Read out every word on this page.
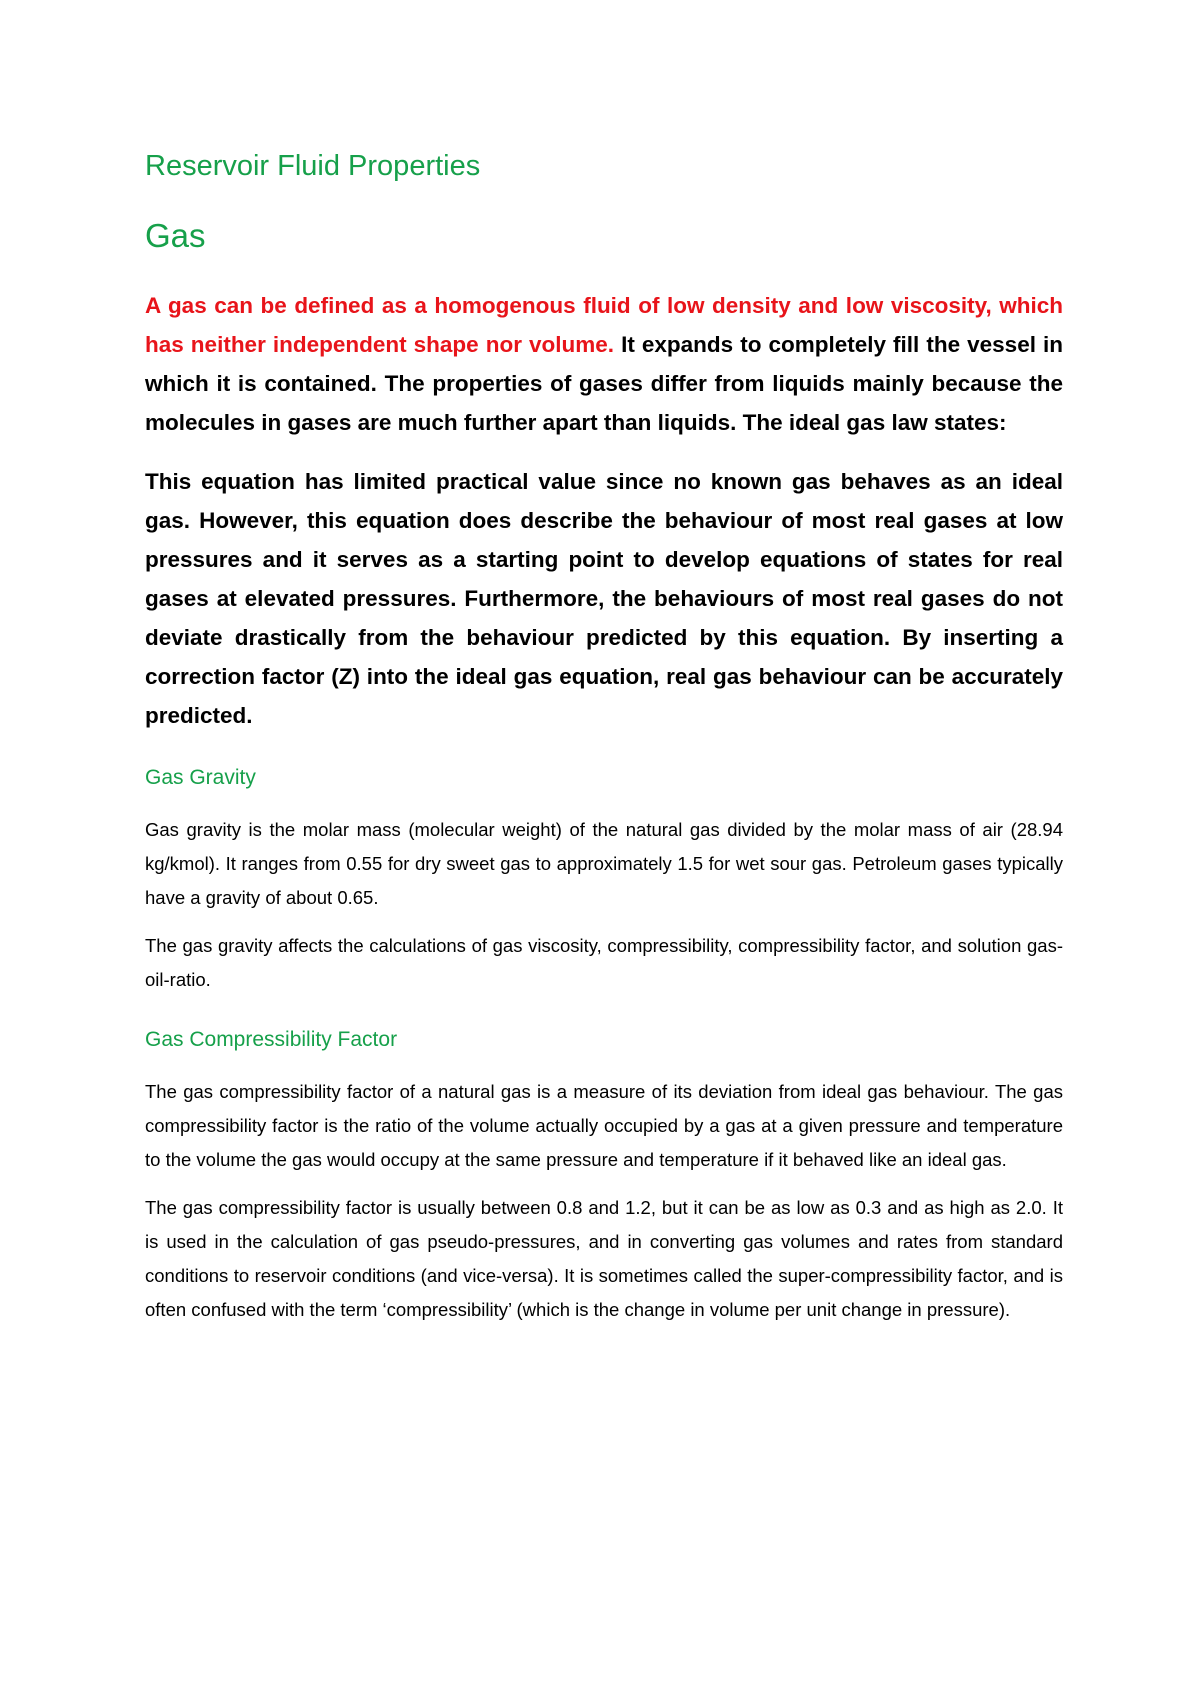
Reservoir Fluid Properties
Gas

A gas can be defined as a homogenous fluid of low density and low viscosity, which has neither independent shape nor volume. It expands to completely fill the vessel in which it is contained. The properties of gases differ from liquids mainly because the molecules in gases are much further apart than liquids. The ideal gas law states:

This equation has limited practical value since no known gas behaves as an ideal gas. However, this equation does describe the behaviour of most real gases at low pressures and it serves as a starting point to develop equations of states for real gases at elevated pressures. Furthermore, the behaviours of most real gases do not deviate drastically from the behaviour predicted by this equation. By inserting a correction factor (Z) into the ideal gas equation, real gas behaviour can be accurately predicted.

Gas Gravity

Gas gravity is the molar mass (molecular weight) of the natural gas divided by the molar mass of air (28.94 kg/kmol). It ranges from 0.55 for dry sweet gas to approximately 1.5 for wet sour gas. Petroleum gases typically have a gravity of about 0.65.

The gas gravity affects the calculations of gas viscosity, compressibility, compressibility factor, and solution gas-oil-ratio.

Gas Compressibility Factor

The gas compressibility factor of a natural gas is a measure of its deviation from ideal gas behaviour. The gas compressibility factor is the ratio of the volume actually occupied by a gas at a given pressure and temperature to the volume the gas would occupy at the same pressure and temperature if it behaved like an ideal gas.

The gas compressibility factor is usually between 0.8 and 1.2, but it can be as low as 0.3 and as high as 2.0. It is used in the calculation of gas pseudo-pressures, and in converting gas volumes and rates from standard conditions to reservoir conditions (and vice-versa). It is sometimes called the super-compressibility factor, and is often confused with the term ‘compressibility’ (which is the change in volume per unit change in pressure).
